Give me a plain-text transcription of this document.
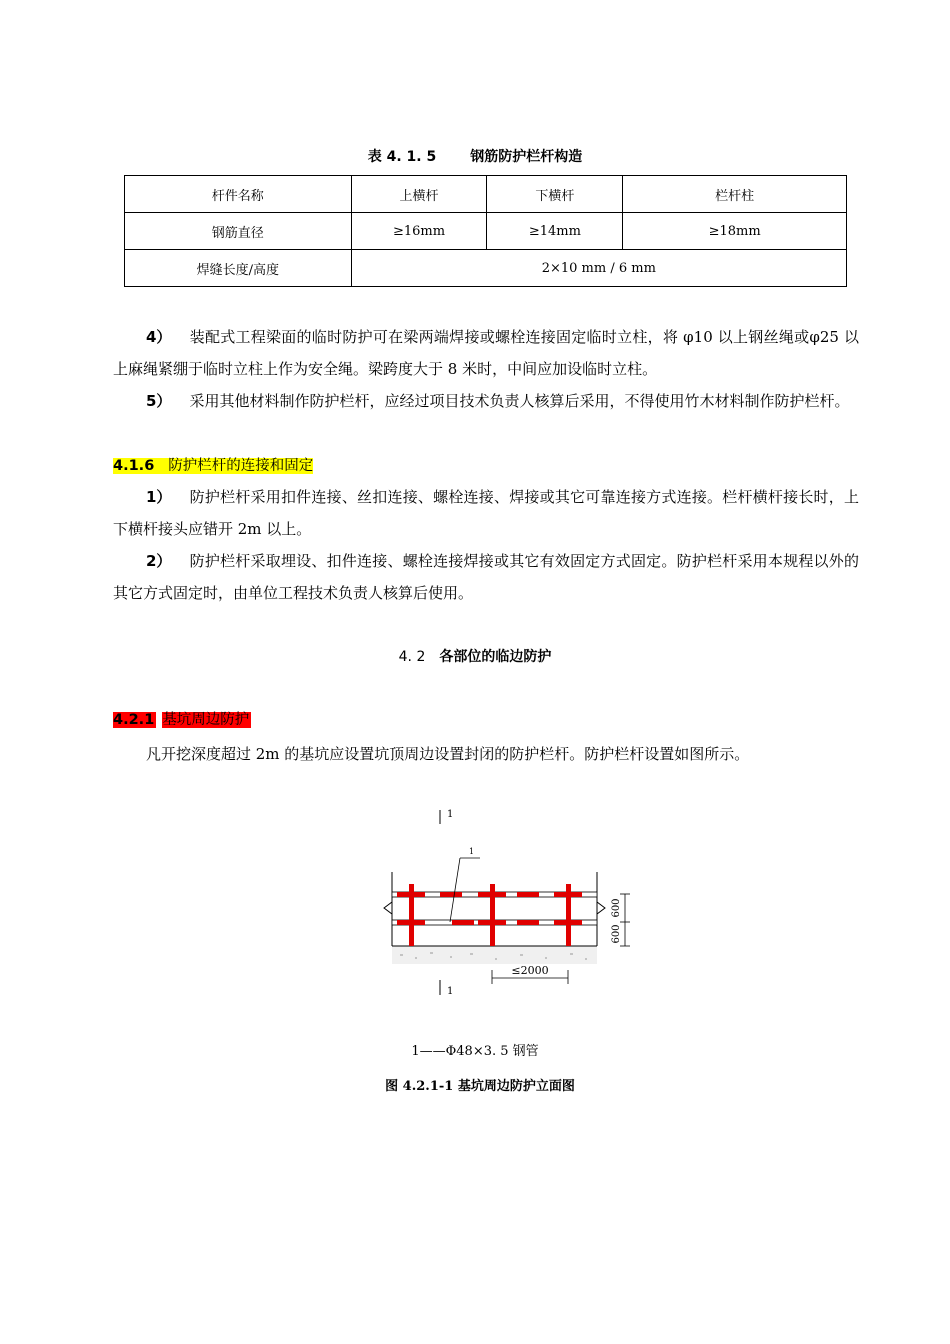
表 4. 1. 5 钢筋防护栏杆构造
杆件名称	上横杆	下横杆	栏杆柱
钢筋直径	≥16mm	≥14mm	≥18mm
焊缝长度/高度	2×10 mm / 6 mm		
4） 装配式工程梁面的临时防护可在梁两端焊接或螺栓连接固定临时立柱，将 φ10 以上钢丝绳或φ25 以上麻绳紧绷于临时立柱上作为安全绳。梁跨度大于 8 米时，中间应加设临时立柱。
5） 采用其他材料制作防护栏杆，应经过项目技术负责人核算后采用，不得使用竹木材料制作防护栏杆。
4.1.6 防护栏杆的连接和固定
1） 防护栏杆采用扣件连接、丝扣连接、螺栓连接、焊接或其它可靠连接方式连接。栏杆横杆接长时，上下横杆接头应错开 2m 以上。
2） 防护栏杆采取埋设、扣件连接、螺栓连接焊接或其它有效固定方式固定。防护栏杆采用本规程以外的其它方式固定时，由单位工程技术负责人核算后使用。
4. 2 各部位的临边防护
4.2.1 基坑周边防护
凡开挖深度超过 2m 的基坑应设置坑顶周边设置封闭的防护栏杆。防护栏杆设置如图所示。
1
1
1
600
600
≤2000
1——Φ48×3. 5 钢管
图 4.2.1-1 基坑周边防护立面图
